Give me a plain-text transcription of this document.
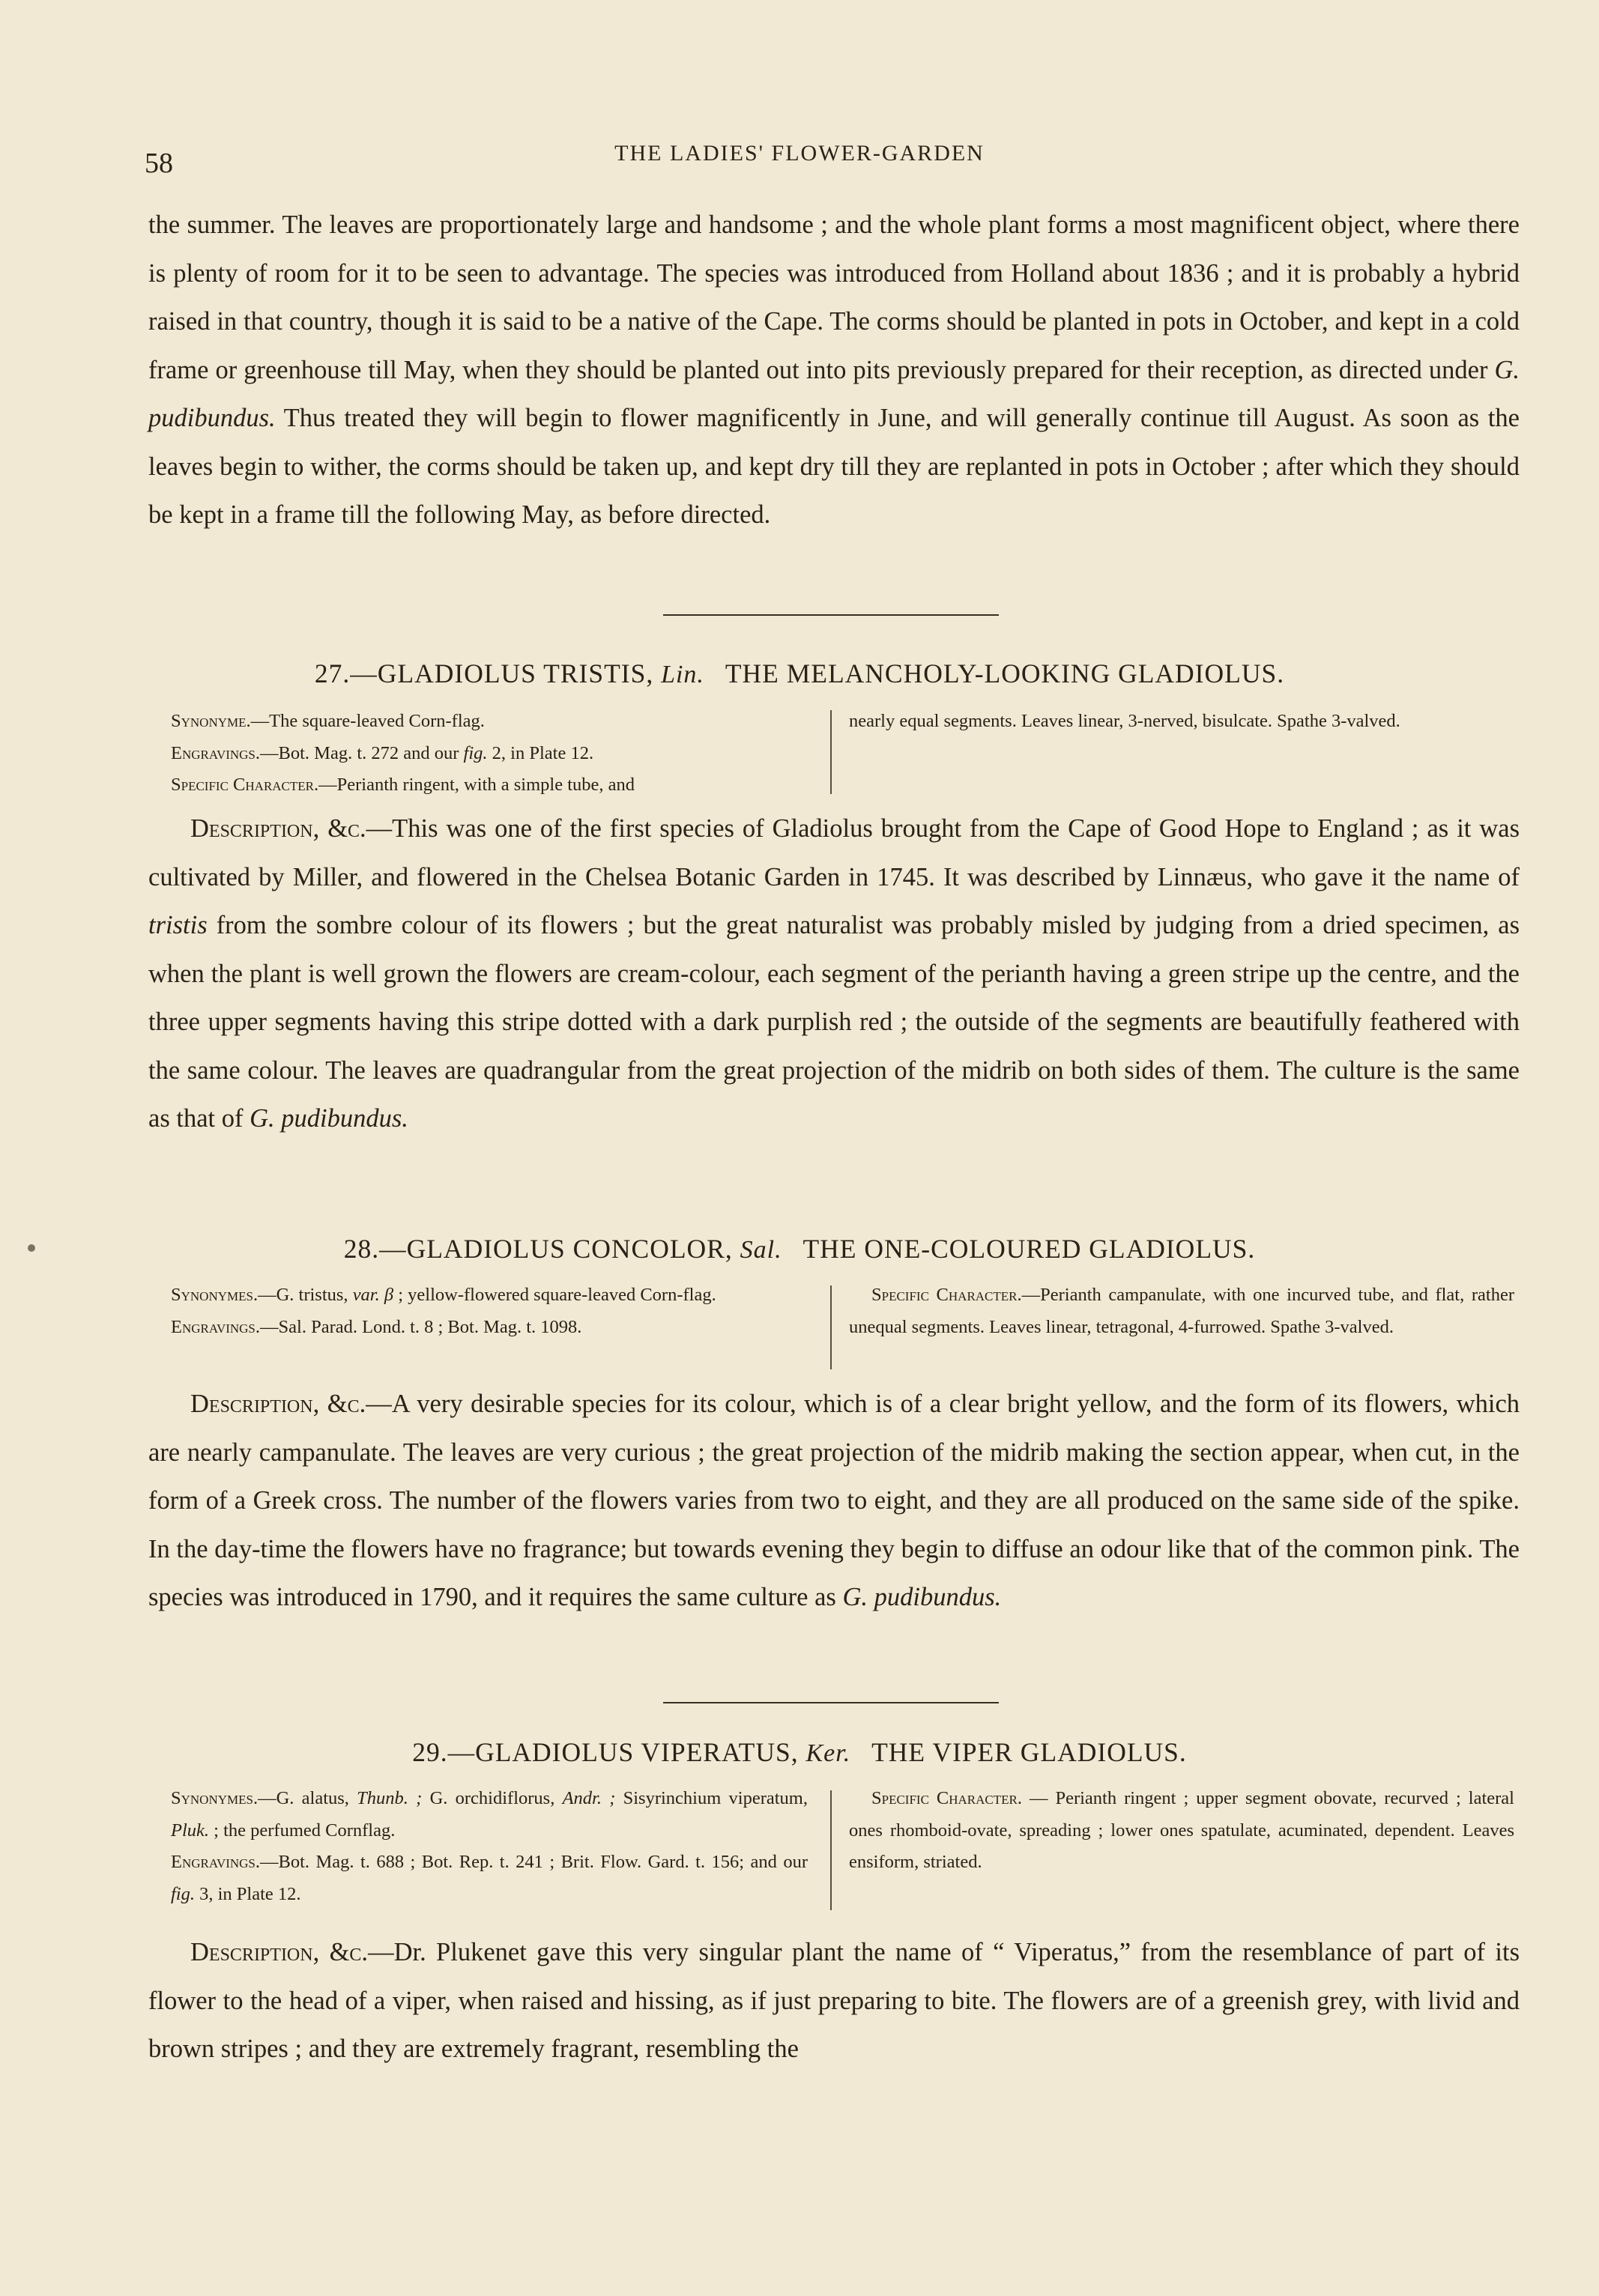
58	THE LADIES' FLOWER-GARDEN

the summer. The leaves are proportionately large and handsome ; and the whole plant forms a most magnificent object, where there is plenty of room for it to be seen to advantage. The species was introduced from Holland about 1836 ; and it is probably a hybrid raised in that country, though it is said to be a native of the Cape. The corms should be planted in pots in October, and kept in a cold frame or greenhouse till May, when they should be planted out into pits previously prepared for their reception, as directed under G. pudibundus. Thus treated they will begin to flower magnificently in June, and will generally continue till August. As soon as the leaves begin to wither, the corms should be taken up, and kept dry till they are replanted in pots in October ; after which they should be kept in a frame till the following May, as before directed.

27.—GLADIOLUS TRISTIS, Lin. THE MELANCHOLY-LOOKING GLADIOLUS.

Synonyme.—The square-leaved Corn-flag.

Engravings.—Bot. Mag. t. 272 and our fig. 2, in Plate 12.

Specific Character.—Perianth ringent, with a simple tube, and

nearly equal segments. Leaves linear, 3-nerved, bisulcate. Spathe 3-valved.

Description, &c.—This was one of the first species of Gladiolus brought from the Cape of Good Hope to England ; as it was cultivated by Miller, and flowered in the Chelsea Botanic Garden in 1745. It was described by Linnæus, who gave it the name of tristis from the sombre colour of its flowers ; but the great naturalist was probably misled by judging from a dried specimen, as when the plant is well grown the flowers are cream-colour, each segment of the perianth having a green stripe up the centre, and the three upper segments having this stripe dotted with a dark purplish red ; the outside of the segments are beautifully feathered with the same colour. The leaves are quadrangular from the great projection of the midrib on both sides of them. The culture is the same as that of G. pudibundus.

28.—GLADIOLUS CONCOLOR, Sal. THE ONE-COLOURED GLADIOLUS.

Synonymes.—G. tristus, var. β ; yellow-flowered square-leaved Corn-flag.

Engravings.—Sal. Parad. Lond. t. 8 ; Bot. Mag. t. 1098.

Specific Character.—Perianth campanulate, with one incurved tube, and flat, rather unequal segments. Leaves linear, tetragonal, 4-furrowed. Spathe 3-valved.

Description, &c.—A very desirable species for its colour, which is of a clear bright yellow, and the form of its flowers, which are nearly campanulate. The leaves are very curious ; the great projection of the midrib making the section appear, when cut, in the form of a Greek cross. The number of the flowers varies from two to eight, and they are all produced on the same side of the spike. In the day-time the flowers have no fragrance; but towards evening they begin to diffuse an odour like that of the common pink. The species was introduced in 1790, and it requires the same culture as G. pudibundus.

29.—GLADIOLUS VIPERATUS, Ker. THE VIPER GLADIOLUS.

Synonymes.—G. alatus, Thunb. ; G. orchidiflorus, Andr. ; Sisyrinchium viperatum, Pluk. ; the perfumed Cornflag.

Engravings.—Bot. Mag. t. 688 ; Bot. Rep. t. 241 ; Brit. Flow. Gard. t. 156; and our fig. 3, in Plate 12.

Specific Character. — Perianth ringent ; upper segment obovate, recurved ; lateral ones rhomboid-ovate, spreading ; lower ones spatulate, acuminated, dependent. Leaves ensiform, striated.

Description, &c.—Dr. Plukenet gave this very singular plant the name of “ Viperatus,” from the resemblance of part of its flower to the head of a viper, when raised and hissing, as if just preparing to bite. The flowers are of a greenish grey, with livid and brown stripes ; and they are extremely fragrant, resembling the
